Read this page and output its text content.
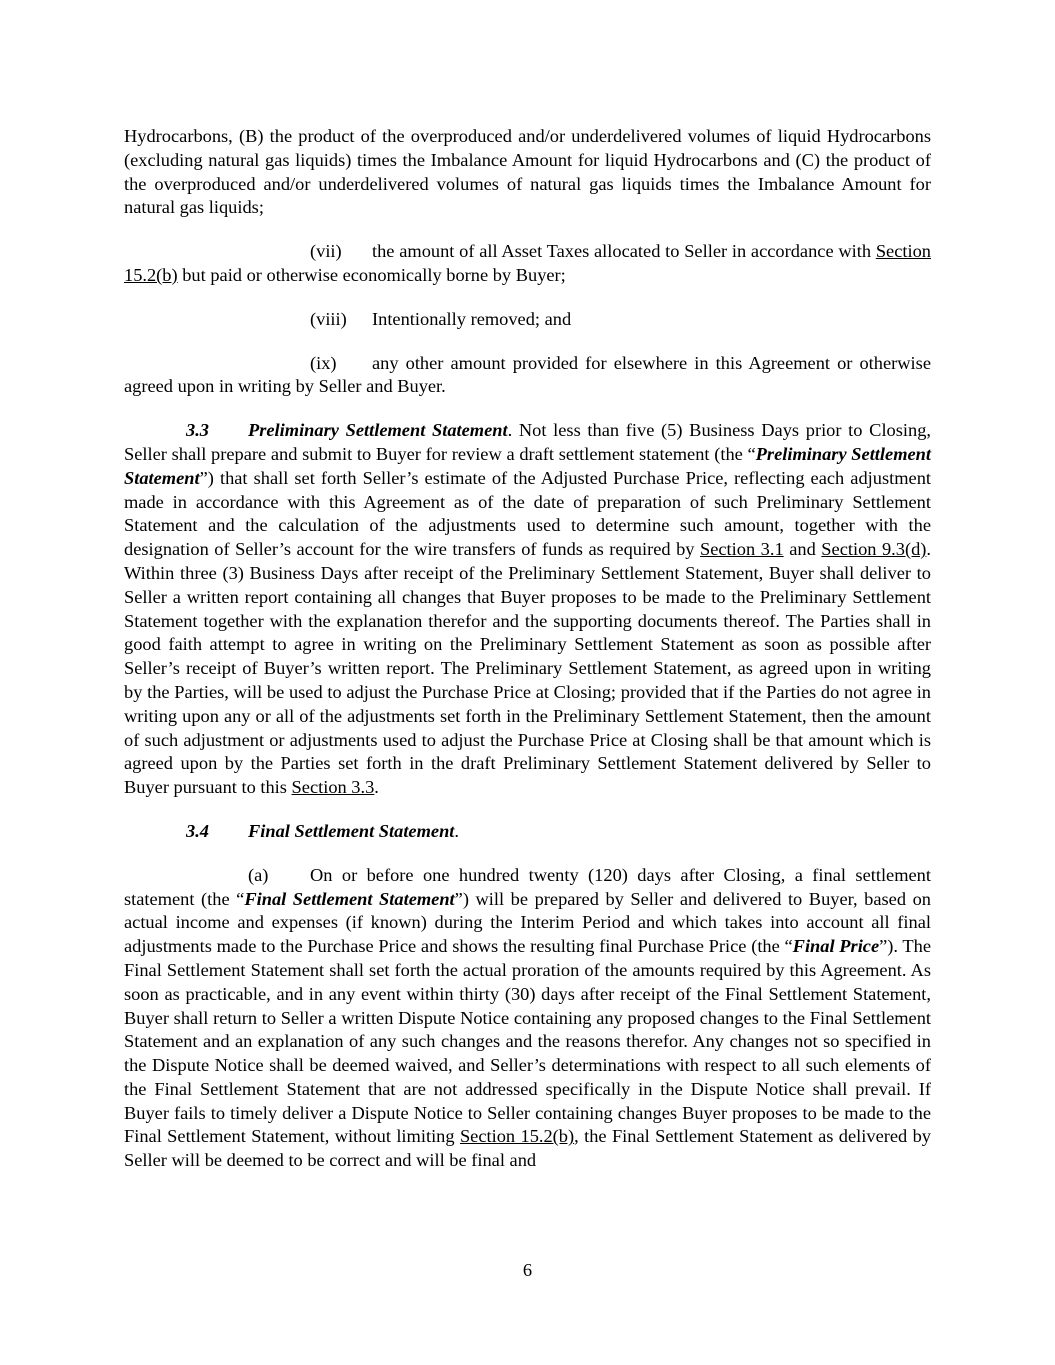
Hydrocarbons, (B) the product of the overproduced and/or underdelivered volumes of liquid Hydrocarbons (excluding natural gas liquids) times the Imbalance Amount for liquid Hydrocarbons and (C) the product of the overproduced and/or underdelivered volumes of natural gas liquids times the Imbalance Amount for natural gas liquids;

(vii) the amount of all Asset Taxes allocated to Seller in accordance with Section 15.2(b) but paid or otherwise economically borne by Buyer;

(viii) Intentionally removed; and

(ix) any other amount provided for elsewhere in this Agreement or otherwise agreed upon in writing by Seller and Buyer.

3.3 Preliminary Settlement Statement. Not less than five (5) Business Days prior to Closing, Seller shall prepare and submit to Buyer for review a draft settlement statement (the “Preliminary Settlement Statement”) that shall set forth Seller’s estimate of the Adjusted Purchase Price, reflecting each adjustment made in accordance with this Agreement as of the date of preparation of such Preliminary Settlement Statement and the calculation of the adjustments used to determine such amount, together with the designation of Seller’s account for the wire transfers of funds as required by Section 3.1 and Section 9.3(d). Within three (3) Business Days after receipt of the Preliminary Settlement Statement, Buyer shall deliver to Seller a written report containing all changes that Buyer proposes to be made to the Preliminary Settlement Statement together with the explanation therefor and the supporting documents thereof. The Parties shall in good faith attempt to agree in writing on the Preliminary Settlement Statement as soon as possible after Seller’s receipt of Buyer’s written report. The Preliminary Settlement Statement, as agreed upon in writing by the Parties, will be used to adjust the Purchase Price at Closing; provided that if the Parties do not agree in writing upon any or all of the adjustments set forth in the Preliminary Settlement Statement, then the amount of such adjustment or adjustments used to adjust the Purchase Price at Closing shall be that amount which is agreed upon by the Parties set forth in the draft Preliminary Settlement Statement delivered by Seller to Buyer pursuant to this Section 3.3.

3.4 Final Settlement Statement.

(a) On or before one hundred twenty (120) days after Closing, a final settlement statement (the “Final Settlement Statement”) will be prepared by Seller and delivered to Buyer, based on actual income and expenses (if known) during the Interim Period and which takes into account all final adjustments made to the Purchase Price and shows the resulting final Purchase Price (the “Final Price”). The Final Settlement Statement shall set forth the actual proration of the amounts required by this Agreement. As soon as practicable, and in any event within thirty (30) days after receipt of the Final Settlement Statement, Buyer shall return to Seller a written Dispute Notice containing any proposed changes to the Final Settlement Statement and an explanation of any such changes and the reasons therefor. Any changes not so specified in the Dispute Notice shall be deemed waived, and Seller’s determinations with respect to all such elements of the Final Settlement Statement that are not addressed specifically in the Dispute Notice shall prevail. If Buyer fails to timely deliver a Dispute Notice to Seller containing changes Buyer proposes to be made to the Final Settlement Statement, without limiting Section 15.2(b), the Final Settlement Statement as delivered by Seller will be deemed to be correct and will be final and

6
